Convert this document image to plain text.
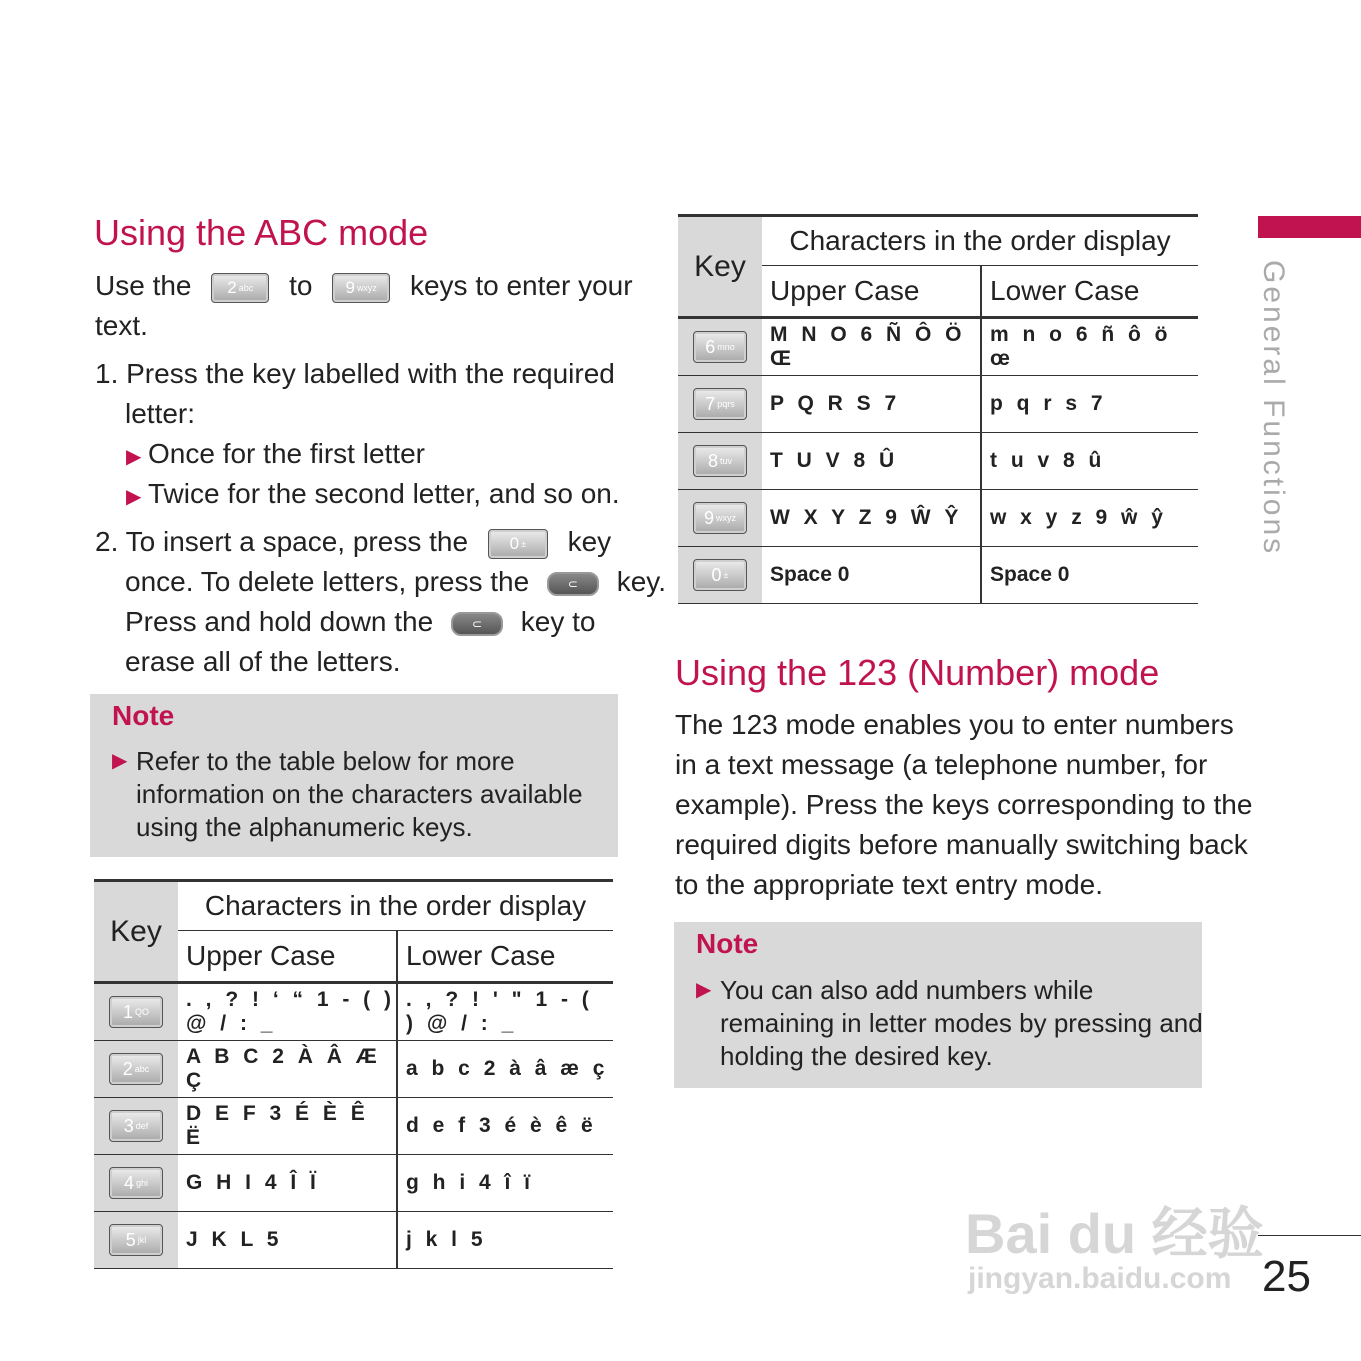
Using the ABC mode
Use the 2 abc to 9 wxyz keys to enter your
text.
1. Press the key labelled with the required
letter:
▶ Once for the first letter
▶ Twice for the second letter, and so on.
2. To insert a space, press the 0 ± key
once. To delete letters, press the	⊂ key.
Press and hold down the	⊂ key to
erase all of the letters.
Note
▶ Refer to the table below for more
information on the characters available
using the alphanumeric keys.
Key	Characters in the order display	
	Upper Case	Lower Case

1 QO	. , ? ! ‘ “ 1 - ( ) @ / : _	. , ? ! ' " 1 - ( ) @ / : _

2 abc	A B C 2 À Â Æ Ç	a b c 2 à â æ ç

3 def	D E F 3 É È Ê Ë	d e f 3 é è ê ë

4 ghi	G H I 4 Î Ï	g h i 4 î ï

5 jkl	J K L 5	j k l 5
Key	Characters in the order display	
	Upper Case	Lower Case

6 mno	M N O 6 Ñ Ô Ö Œ	m n o 6 ñ ô ö œ

7 pqrs	P Q R S 7	p q r s 7

8 tuv	T U V 8 Û	t u v 8 û

9 wxyz	W X Y Z 9 Ŵ Ŷ	w x y z 9 ŵ ŷ

0 ±	Space 0	Space 0
Using the 123 (Number) mode
The 123 mode enables you to enter numbers
in a text message (a telephone number, for
example). Press the keys corresponding to the
required digits before manually switching back
to the appropriate text entry mode.
Note
▶ You can also add numbers while
remaining in letter modes by pressing and
holding the desired key.
General Functions
25
Bai du 经验
jingyan.baidu.com
